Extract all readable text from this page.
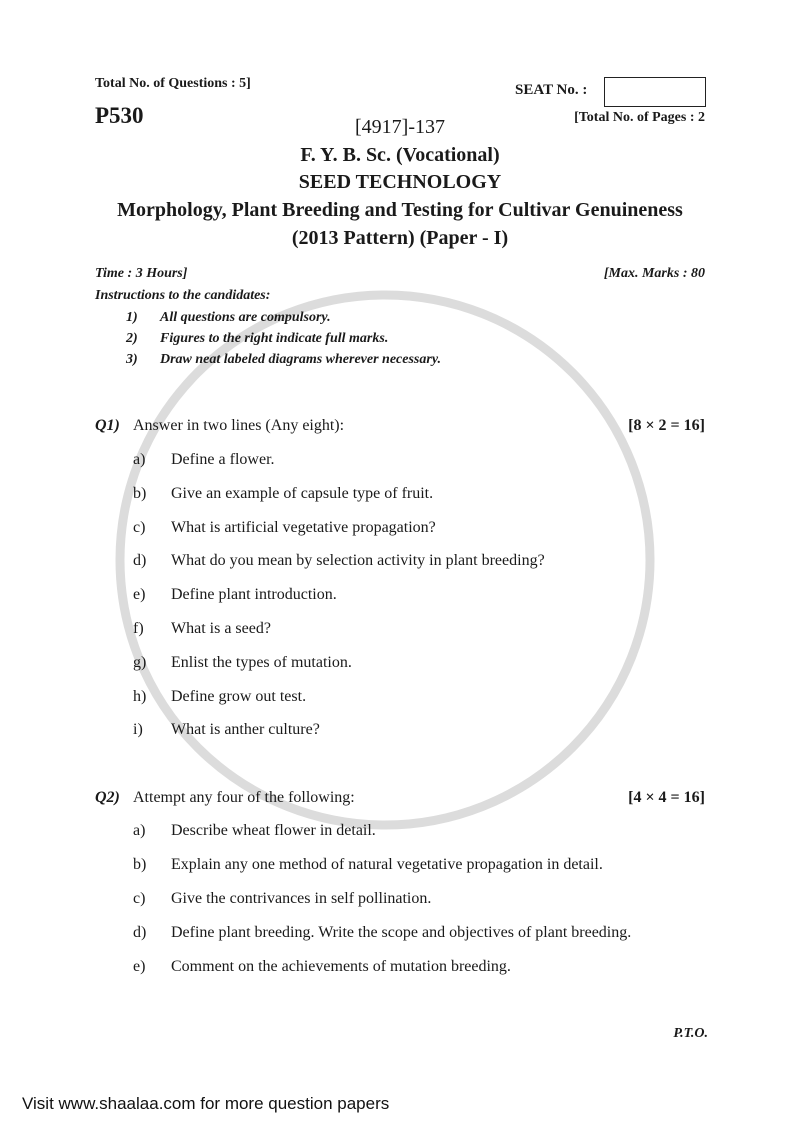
Total No. of Questions : 5]
P530
SEAT No. :
[Total No. of Pages : 2
[4917]-137
F. Y. B. Sc. (Vocational)
SEED TECHNOLOGY
Morphology, Plant Breeding and Testing for Cultivar Genuineness
(2013 Pattern) (Paper - I)
Time : 3 Hours]	[Max. Marks : 80
Instructions to the candidates:
1) All questions are compulsory.
2) Figures to the right indicate full marks.
3) Draw neat labeled diagrams wherever necessary.
Q1) Answer in two lines (Any eight):	[8 × 2 = 16]
a) Define a flower.
b) Give an example of capsule type of fruit.
c) What is artificial vegetative propagation?
d) What do you mean by selection activity in plant breeding?
e) Define plant introduction.
f) What is a seed?
g) Enlist the types of mutation.
h) Define grow out test.
i) What is anther culture?
Q2) Attempt any four of the following:	[4 × 4 = 16]
a) Describe wheat flower in detail.
b) Explain any one method of natural vegetative propagation in detail.
c) Give the contrivances in self pollination.
d) Define plant breeding. Write the scope and objectives of plant breeding.
e) Comment on the achievements of mutation breeding.
P.T.O.
Visit www.shaalaa.com for more question papers
